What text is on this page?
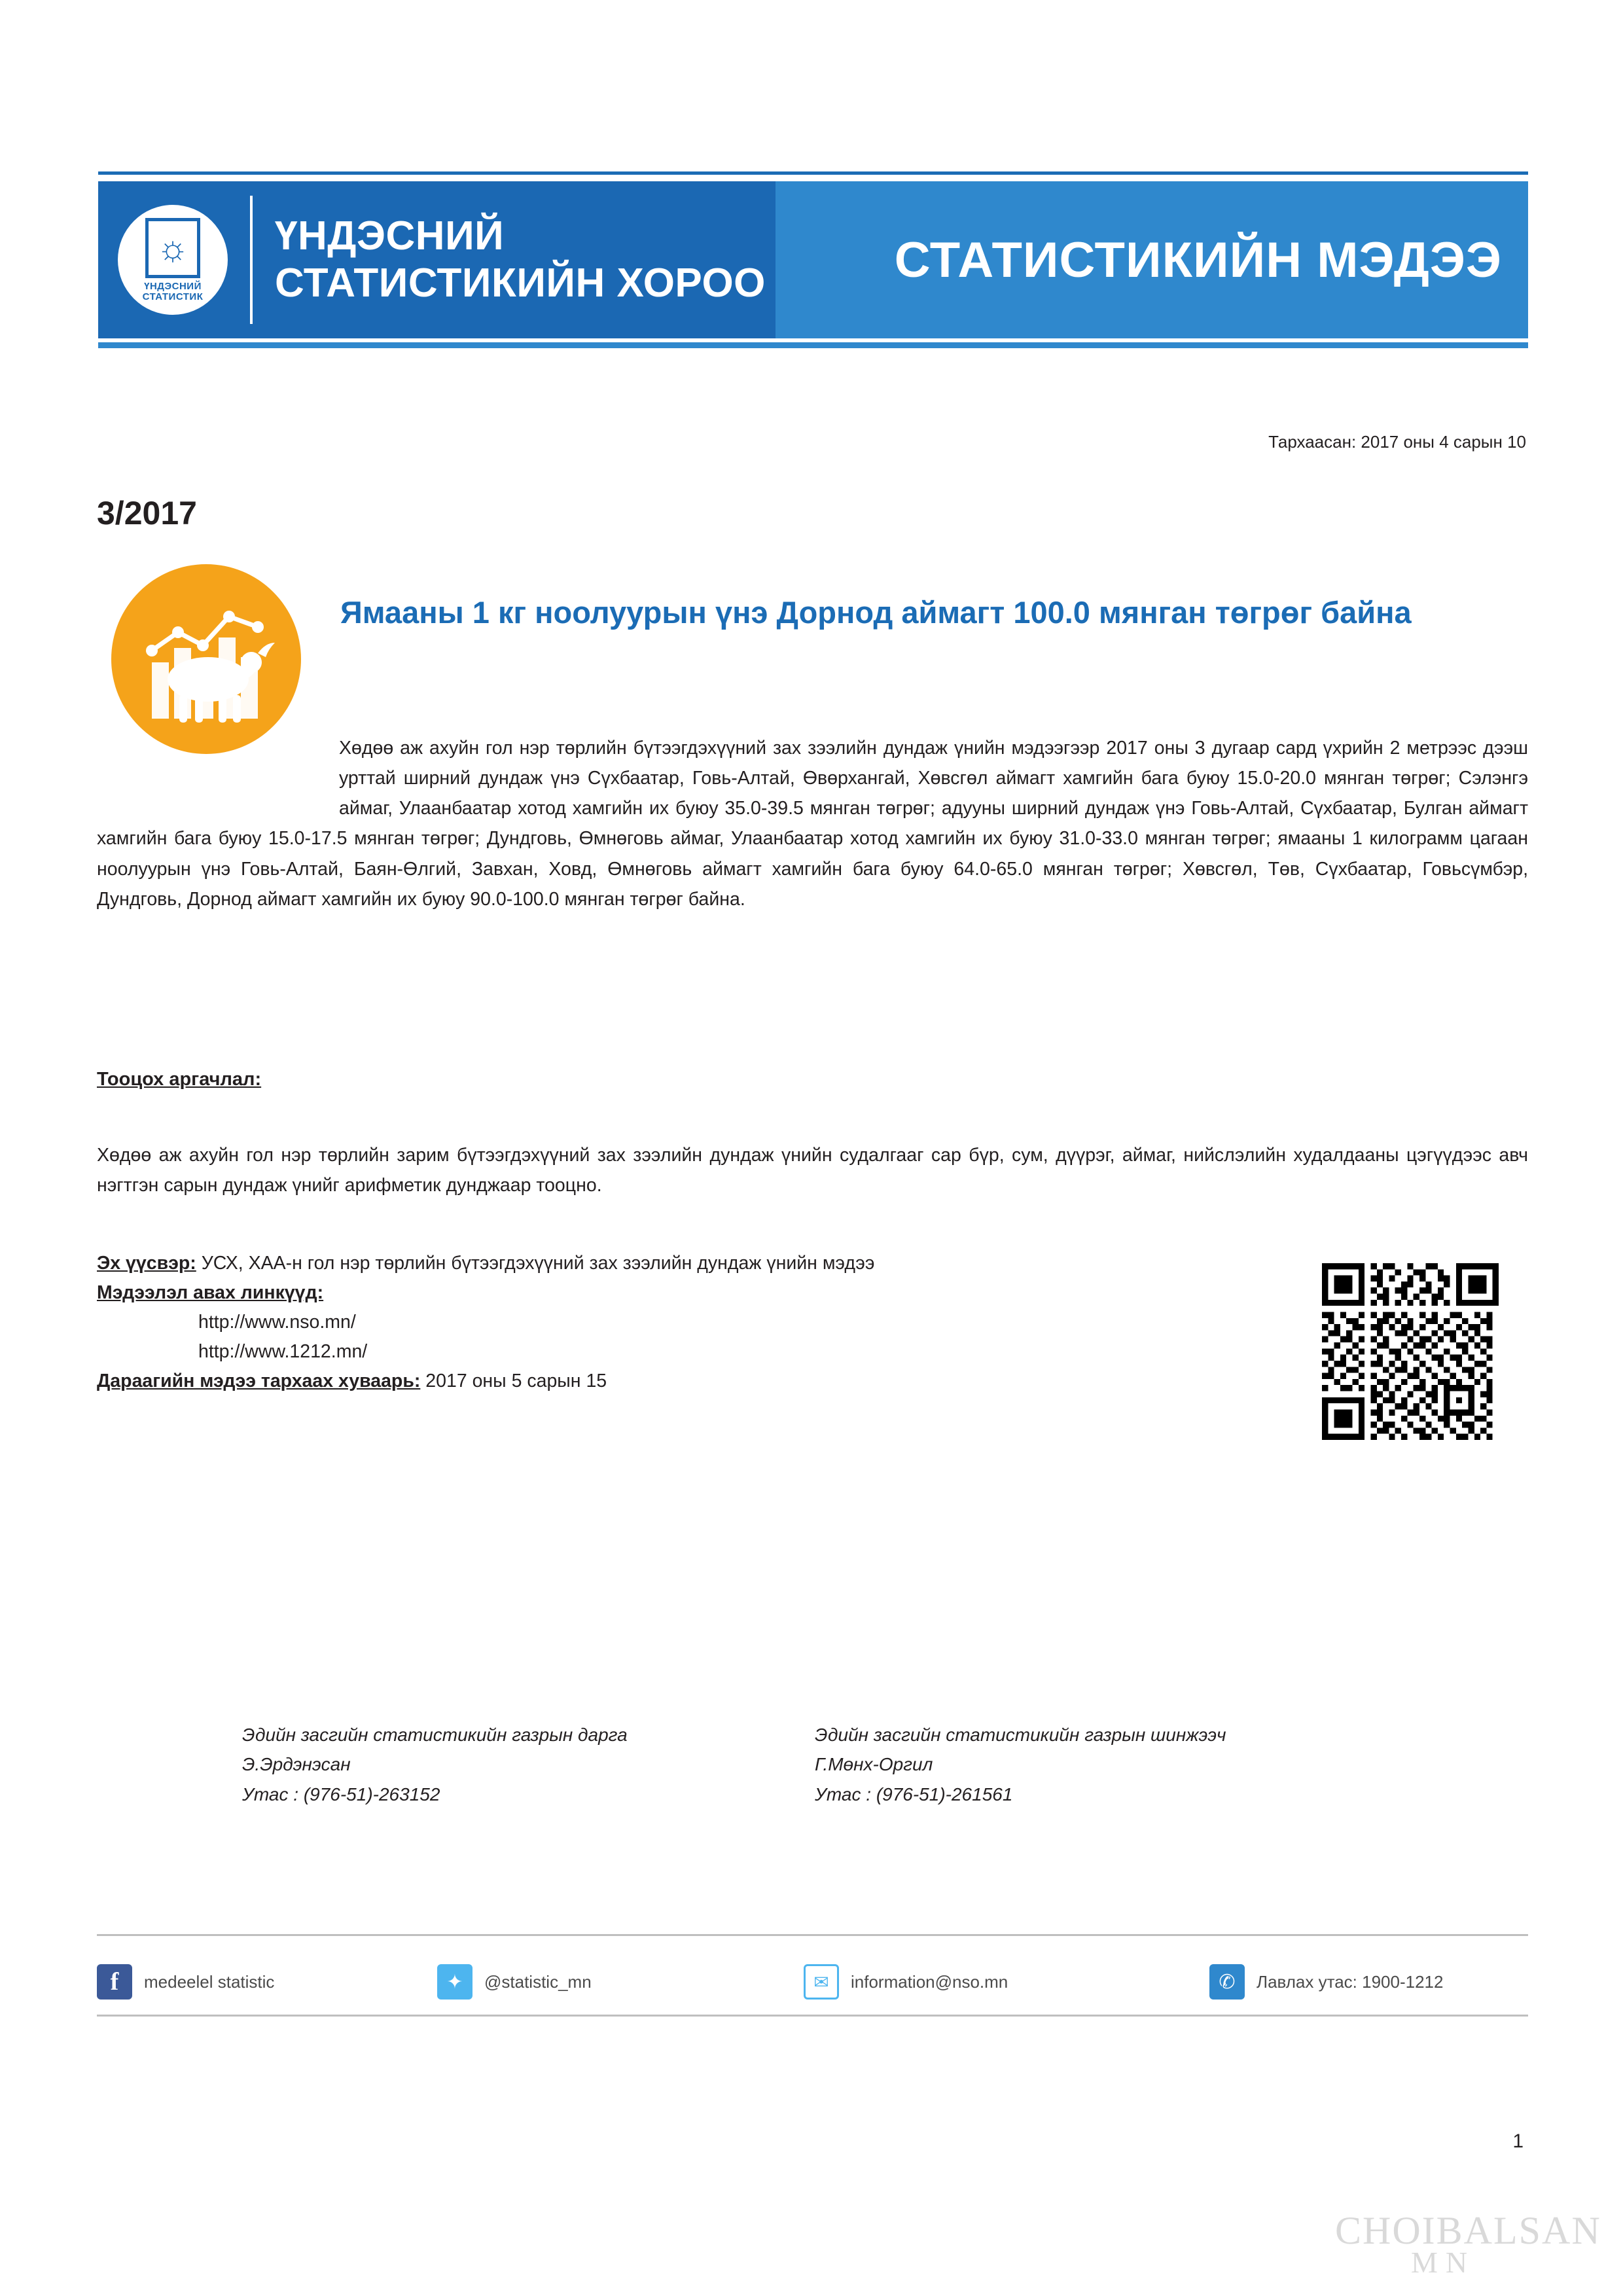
☼
ҮНДЭСНИЙ
СТАТИСТИК
ҮНДЭСНИЙ
СТАТИСТИКИЙН ХОРОО	СТАТИСТИКИЙН МЭДЭЭ
Тархаасан: 2017 оны 4 сарын 10
3/2017
Ямааны 1 кг ноолуурын үнэ Дорнод аймагт 100.0 мянган төгрөг байна
Хөдөө аж ахуйн гол нэр төрлийн бүтээгдэхүүний зах зээлийн дундаж үнийн мэдээгээр 2017 оны 3 дугаар сард үхрийн 2 метрээс дээш урттай ширний дундаж үнэ Сүхбаатар, Говь-Алтай, Өвөрхангай, Хөвсгөл аймагт хамгийн бага буюу 15.0-20.0 мянган төгрөг; Сэлэнгэ аймаг, Улаанбаатар хотод хамгийн их буюу 35.0-39.5 мянган төгрөг; адууны ширний дундаж үнэ Говь-Алтай, Сүхбаатар, Булган аймагт хамгийн бага буюу 15.0-17.5 мянган төгрөг; Дундговь, Өмнөговь аймаг, Улаанбаатар хотод хамгийн их буюу 31.0-33.0 мянган төгрөг; ямааны 1 килограмм цагаан ноолуурын үнэ Говь-Алтай, Баян-Өлгий, Завхан, Ховд, Өмнөговь аймагт хамгийн бага буюу 64.0-65.0 мянган төгрөг; Хөвсгөл, Төв, Сүхбаатар, Говьсүмбэр, Дундговь, Дорнод аймагт хамгийн их буюу 90.0-100.0 мянган төгрөг байна.
Тооцох аргачлал:
Хөдөө аж ахуйн гол нэр төрлийн зарим бүтээгдэхүүний зах зээлийн дундаж үнийн судалгааг сар бүр, сум, дүүрэг, аймаг, нийслэлийн худалдааны цэгүүдээс авч нэгтгэн сарын дундаж үнийг арифметик дунджаар тооцно.
Эх үүсвэр: УСХ, ХАА-н гол нэр төрлийн бүтээгдэхүүний зах зээлийн дундаж үнийн мэдээ
Мэдээлэл авах линкүүд:
http://www.nso.mn/
http://www.1212.mn/
Дараагийн мэдээ тархаах хуваарь: 2017 оны 5 сарын 15
Эдийн засгийн статистикийн газрын дарга
Э.Эрдэнэсан
Утас : (976-51)-263152
Эдийн засгийн статистикийн газрын шинжээч
Г.Мөнх-Оргил
Утас : (976-51)-261561
f	medeelel statistic	✦	@statistic_mn	✉	information@nso.mn	✆	Лавлах утас: 1900-1212
1
CHOIBALSAN
MN
